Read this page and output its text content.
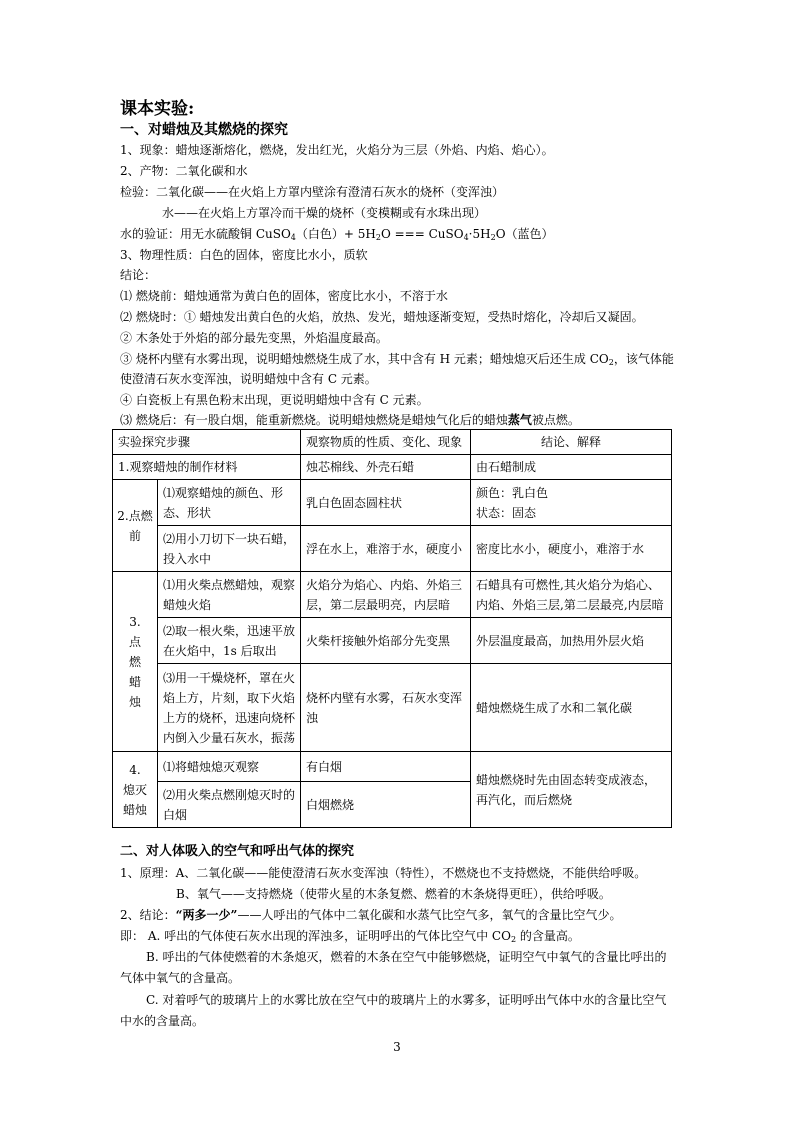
课本实验:
一、对蜡烛及其燃烧的探究
1、现象：蜡烛逐渐熔化，燃烧，发出红光，火焰分为三层（外焰、内焰、焰心）。
2、产物：二氧化碳和水
检验：二氧化碳——在火焰上方罩内壁涂有澄清石灰水的烧杯（变浑浊）
水——在火焰上方罩冷而干燥的烧杯（变模糊或有水珠出现）
水的验证：用无水硫酸铜 CuSO$_4$（白色）+ $5H_2O$ === $CuSO_4\cdot 5H_2O$（蓝色）
3、物理性质：白色的固体，密度比水小，质软
结论：
⑴ 燃烧前：蜡烛通常为黄白色的固体，密度比水小，不溶于水
⑵ 燃烧时：① 蜡烛发出黄白色的火焰，放热、发光，蜡烛逐渐变短，受热时熔化，冷却后又凝固。
② 木条处于外焰的部分最先变黑，外焰温度最高。
③ 烧杯内壁有水雾出现，说明蜡烛燃烧生成了水，其中含有 H 元素；蜡烛熄灭后还生成 $CO_2$，该气体能
使澄清石灰水变浑浊，说明蜡烛中含有 C 元素。
④ 白瓷板上有黑色粉末出现，更说明蜡烛中含有 C 元素。
⑶ 燃烧后：有一股白烟，能重新燃烧。说明蜡烛燃烧是蜡烛气化后的蜡烛蒸气被点燃。
实验探究步骤		观察物质的性质、变化、现象	结论、解释
1.观察蜡烛的制作材料		烛芯棉线、外壳石蜡	由石蜡制成
2.点燃前	⑴观察蜡烛的颜色、形态、形状	乳白色固态圆柱状	颜色：乳白色
状态：固态

	⑵用小刀切下一块石蜡，投入水中	浮在水上，难溶于水，硬度小	密度比水小，硬度小，难溶于水

3.
点
燃
蜡
烛	⑴用火柴点燃蜡烛，观察蜡烛火焰	火焰分为焰心、内焰、外焰三层，第二层最明亮，内层暗	石蜡具有可燃性,其火焰分为焰心、内焰、外焰三层,第二层最亮,内层暗
	⑵取一根火柴，迅速平放在火焰中，1s 后取出	火柴杆接触外焰部分先变黑	外层温度最高，加热用外层火焰
	⑶用一干燥烧杯，罩在火焰上方，片刻，取下火焰上方的烧杯，迅速向烧杯内倒入少量石灰水，振荡	烧杯内壁有水雾，石灰水变浑浊	蜡烛燃烧生成了水和二氧化碳

4.
熄灭
蜡烛	⑴将蜡烛熄灭观察	有白烟	蜡烛燃烧时先由固态转变成液态，再汽化，而后燃烧
	⑵用火柴点燃刚熄灭时的白烟	白烟燃烧	
二、对人体吸入的空气和呼出气体的探究
1、原理：A、二氧化碳——能使澄清石灰水变浑浊（特性），不燃烧也不支持燃烧，不能供给呼吸。
B、氧气——支持燃烧（使带火星的木条复燃、燃着的木条烧得更旺），供给呼吸。
2、结论：“两多一少”——人呼出的气体中二氧化碳和水蒸气比空气多，氧气的含量比空气少。
即： A. 呼出的气体使石灰水出现的浑浊多，证明呼出的气体比空气中 $CO_2$ 的含量高。
B. 呼出的气体使燃着的木条熄灭，燃着的木条在空气中能够燃烧，证明空气中氧气的含量比呼出的
气体中氧气的含量高。
C. 对着呼气的玻璃片上的水雾比放在空气中的玻璃片上的水雾多，证明呼出气体中水的含量比空气
中水的含量高。
3
